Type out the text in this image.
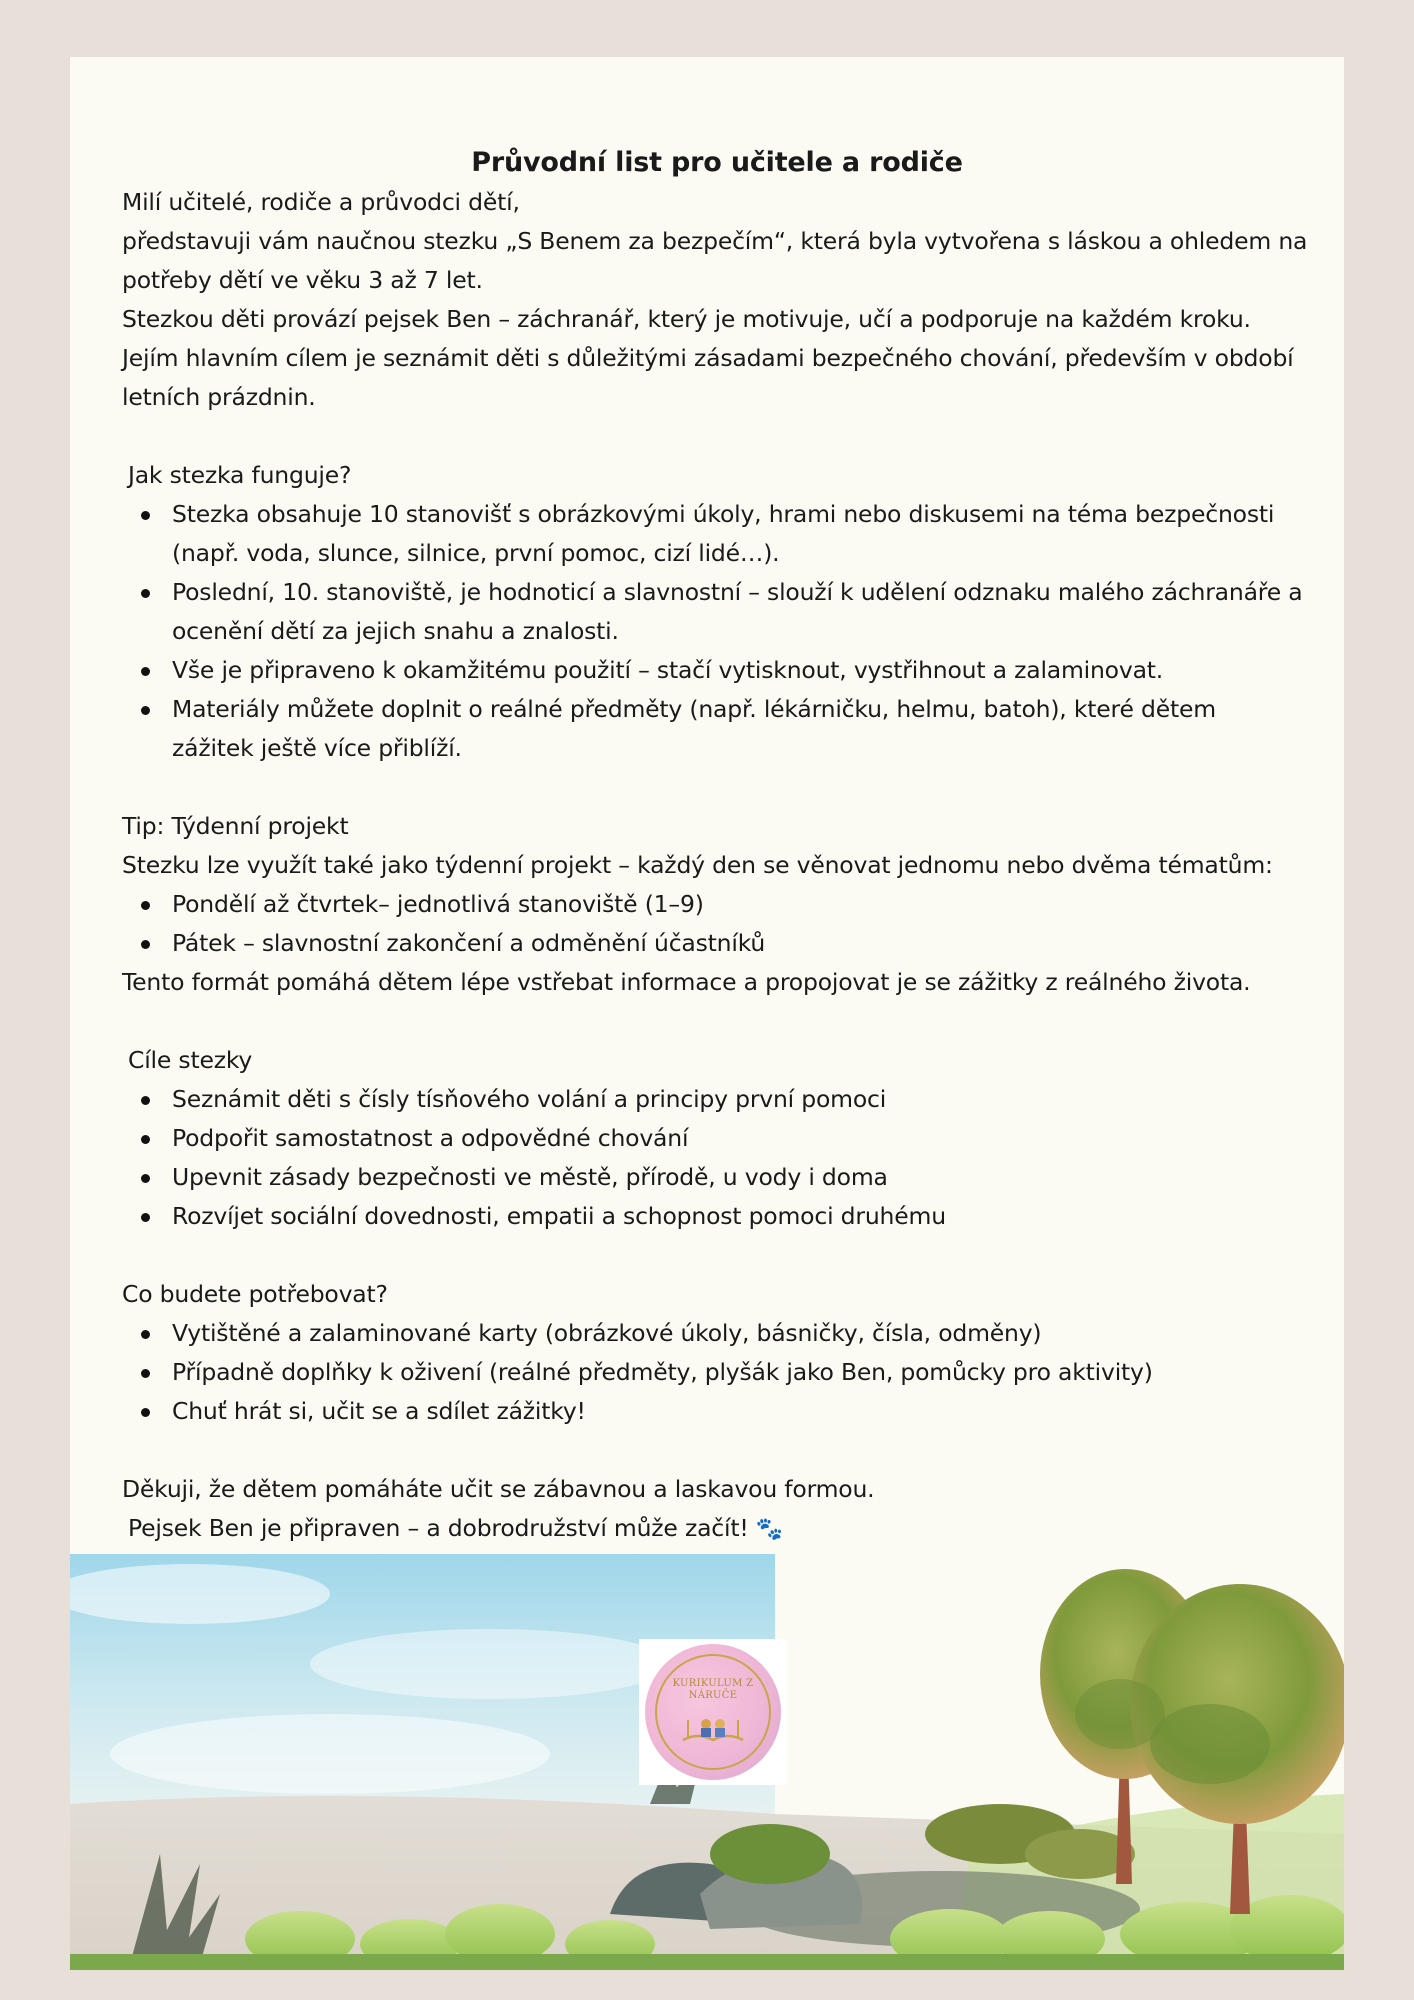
Průvodní list pro učitele a rodiče

Milí učitelé, rodiče a průvodci dětí,

představuji vám naučnou stezku „S Benem za bezpečím“, která byla vytvořena s láskou a ohledem na

potřeby dětí ve věku 3 až 7 let.

Stezkou děti provází pejsek Ben – záchranář, který je motivuje, učí a podporuje na každém kroku.

Jejím hlavním cílem je seznámit děti s důležitými zásadami bezpečného chování, především v období

letních prázdnin.

Jak stezka funguje?

Stezka obsahuje 10 stanovišť s obrázkovými úkoly, hrami nebo diskusemi na téma bezpečnosti
(např. voda, slunce, silnice, první pomoc, cizí lidé…).
Poslední, 10. stanoviště, je hodnoticí a slavnostní – slouží k udělení odznaku malého záchranáře a
ocenění dětí za jejich snahu a znalosti.
Vše je připraveno k okamžitému použití – stačí vytisknout, vystřihnout a zalaminovat.
Materiály můžete doplnit o reálné předměty (např. lékárničku, helmu, batoh), které dětem
zážitek ještě více přiblíží.

Tip: Týdenní projekt

Stezku lze využít také jako týdenní projekt – každý den se věnovat jednomu nebo dvěma tématům:

Pondělí až čtvrtek– jednotlivá stanoviště (1–9)
Pátek – slavnostní zakončení a odměnění účastníků

Tento formát pomáhá dětem lépe vstřebat informace a propojovat je se zážitky z reálného života.

Cíle stezky

Seznámit děti s čísly tísňového volání a principy první pomoci
Podpořit samostatnost a odpovědné chování
Upevnit zásady bezpečnosti ve městě, přírodě, u vody i doma
Rozvíjet sociální dovednosti, empatii a schopnost pomoci druhému

Co budete potřebovat?

Vytištěné a zalaminované karty (obrázkové úkoly, básničky, čísla, odměny)
Případně doplňky k oživení (reálné předměty, plyšák jako Ben, pomůcky pro aktivity)
Chuť hrát si, učit se a sdílet zážitky!

Děkuji, že dětem pomáháte učit se zábavnou a laskavou formou.

Pejsek Ben je připraven – a dobrodružství může začít! 🐾

KURIKULUM Z
NÁRUČE
